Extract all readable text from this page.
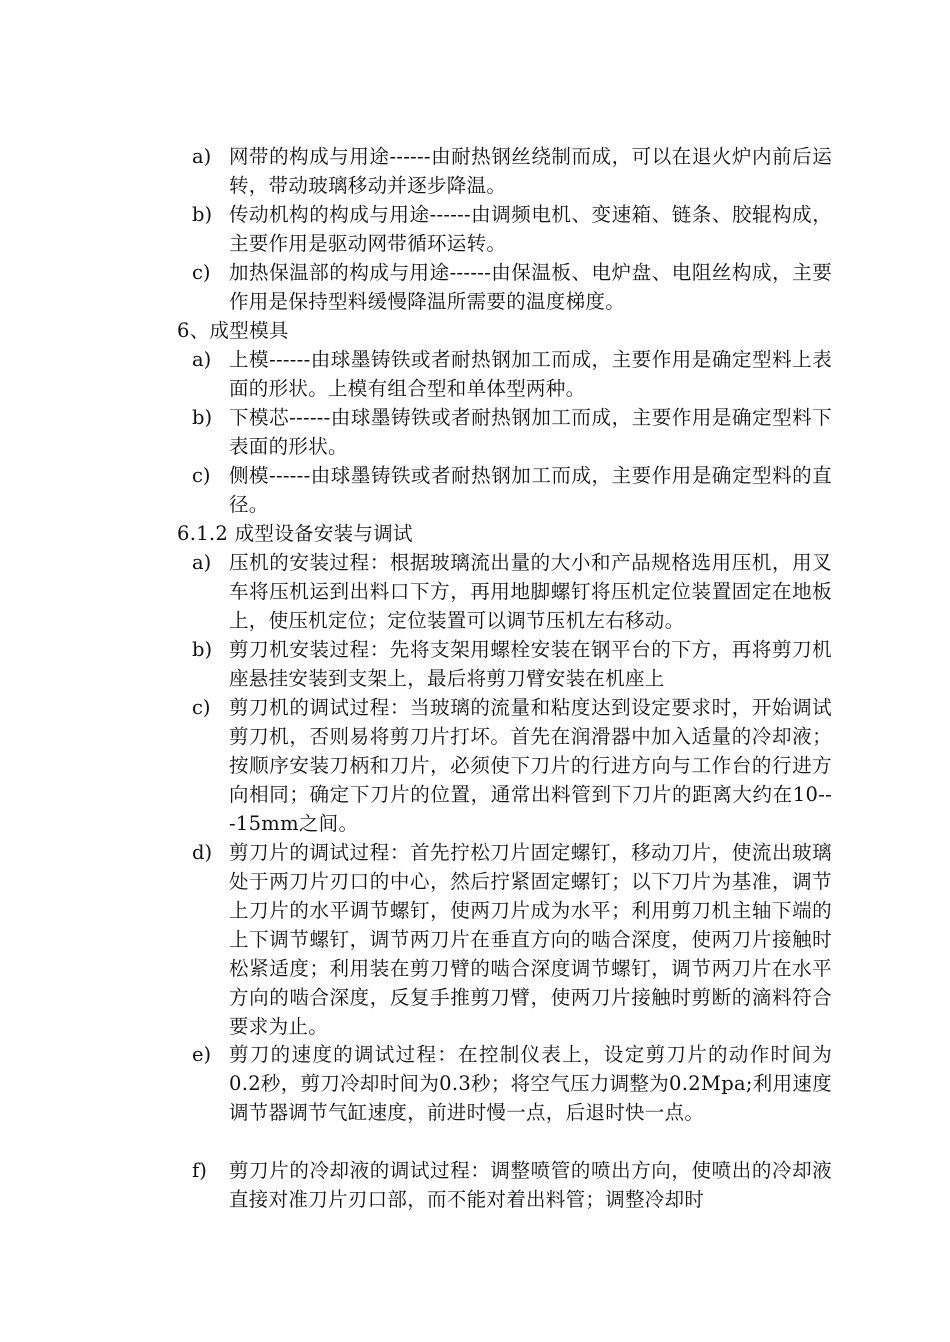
a) 网带的构成与用途------由耐热钢丝绕制而成，可以在退火炉内前后运转，带动玻璃移动并逐步降温。
b) 传动机构的构成与用途------由调频电机、变速箱、链条、胶辊构成，主要作用是驱动网带循环运转。
c) 加热保温部的构成与用途------由保温板、电炉盘、电阻丝构成，主要作用是保持型料缓慢降温所需要的温度梯度。
6、成型模具
a) 上模------由球墨铸铁或者耐热钢加工而成，主要作用是确定型料上表面的形状。上模有组合型和单体型两种。
b) 下模芯------由球墨铸铁或者耐热钢加工而成，主要作用是确定型料下表面的形状。
c) 侧模------由球墨铸铁或者耐热钢加工而成，主要作用是确定型料的直径。
6.1.2 成型设备安装与调试
a) 压机的安装过程：根据玻璃流出量的大小和产品规格选用压机，用叉车将压机运到出料口下方，再用地脚螺钉将压机定位装置固定在地板上，使压机定位；定位装置可以调节压机左右移动。
b) 剪刀机安装过程：先将支架用螺栓安装在钢平台的下方，再将剪刀机座悬挂安装到支架上，最后将剪刀臂安装在机座上
c) 剪刀机的调试过程：当玻璃的流量和粘度达到设定要求时，开始调试剪刀机，否则易将剪刀片打坏。首先在润滑器中加入适量的冷却液；按顺序安装刀柄和刀片，必须使下刀片的行进方向与工作台的行进方向相同；确定下刀片的位置，通常出料管到下刀片的距离大约在10---15mm之间。
d) 剪刀片的调试过程：首先拧松刀片固定螺钉，移动刀片，使流出玻璃处于两刀片刃口的中心，然后拧紧固定螺钉；以下刀片为基准，调节上刀片的水平调节螺钉，使两刀片成为水平；利用剪刀机主轴下端的上下调节螺钉，调节两刀片在垂直方向的啮合深度，使两刀片接触时松紧适度；利用装在剪刀臂的啮合深度调节螺钉，调节两刀片在水平方向的啮合深度，反复手推剪刀臂，使两刀片接触时剪断的滴料符合要求为止。
e) 剪刀的速度的调试过程：在控制仪表上，设定剪刀片的动作时间为0.2秒，剪刀冷却时间为0.3秒；将空气压力调整为0.2Mpa;利用速度调节器调节气缸速度，前进时慢一点，后退时快一点。
f)	剪刀片的冷却液的调试过程：调整喷管的喷出方向，使喷出的冷却液直接对准刀片刃口部，而不能对着出料管；调整冷却时
